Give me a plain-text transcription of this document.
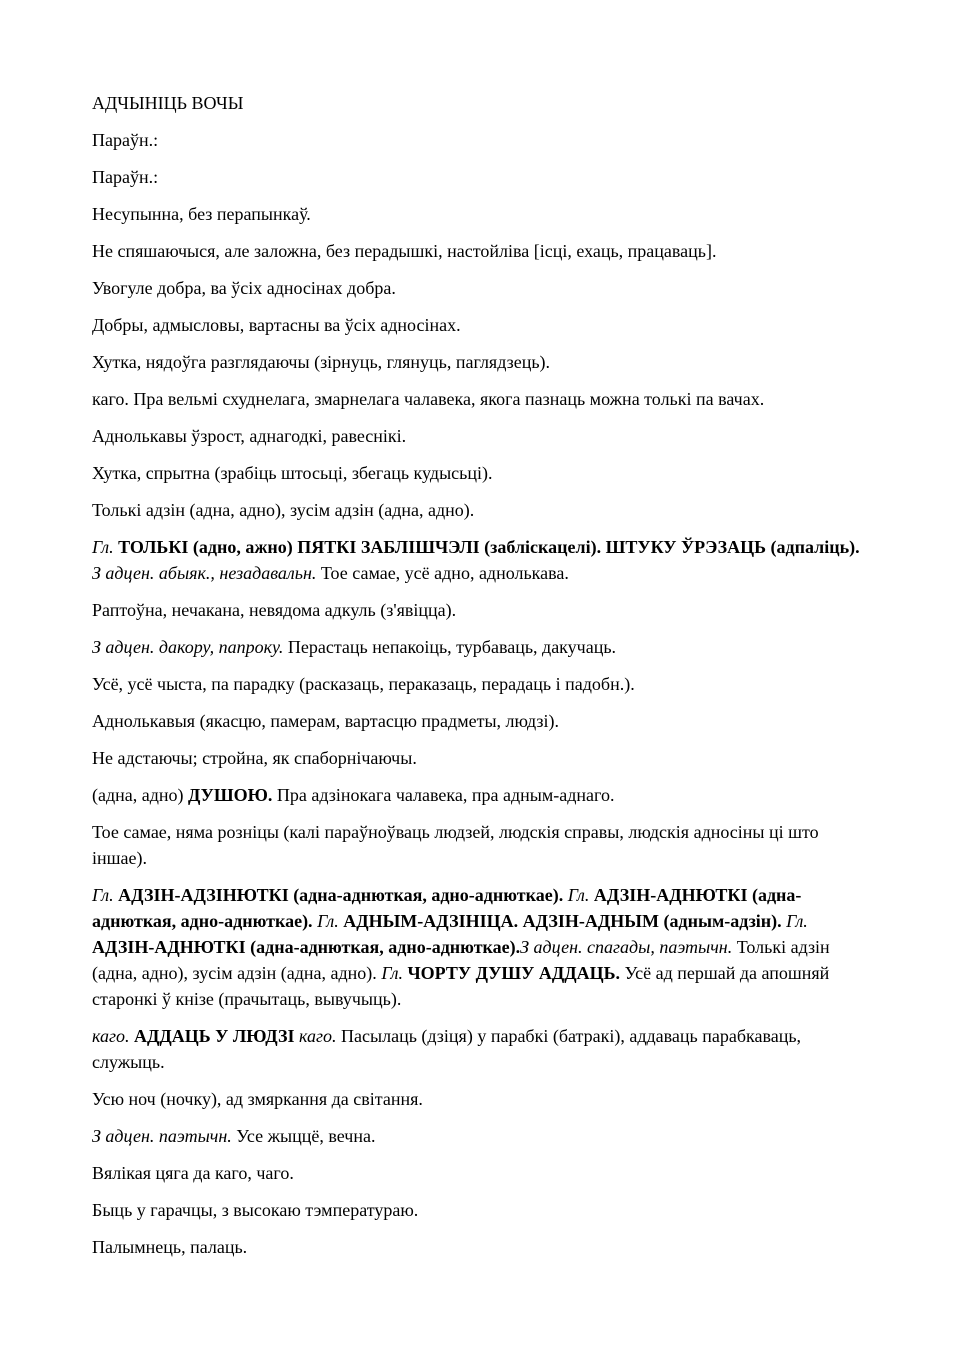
АДЧЫНІЦЬ ВОЧЫ

Параўн.:

Параўн.:

Несупынна, без перапынкаў.

Не спяшаючыся, але заложна, без перадышкі, настойліва [ісці, ехаць, працаваць].

Увогуле добра, ва ўсіх адносінах добра.

Добры, адмысловы, вартасны ва ўсіх адносінах.

Хутка, нядоўга разглядаючы (зірнуць, глянуць, паглядзець).

каго. Пра вельмі схуднелага, змарнелага чалавека, якога пазнаць можна толькі па вачах.

Аднолькавы ўзрост, аднагодкі, равеснікі.

Хутка, спрытна (зрабіць штосьці, збегаць кудысьці).

Толькі адзін (адна, адно), зусім адзін (адна, адно).

Гл. ТОЛЬКІ (адно, ажно) ПЯТКІ ЗАБЛІШЧЭЛІ (заблiскацелi). ШТУКУ ЎРЭЗАЦЬ (адпаліць). З адцен. абыяк., незадавальн. Тое самае, усё адно, аднолькава.

Раптоўна, нечакана, невядома адкуль (з'явіцца).

З адцен. дакору, папроку. Перастаць непакоіць, турбаваць, дакучаць.

Усё, усё чыста, па парадку (расказаць, пераказаць, перадаць і падобн.).

Аднолькавыя (якасцю, памерам, вартасцю прадметы, людзі).

Не адстаючы; стройна, як спаборнічаючы.

(адна, адно) ДУШОЮ. Пра адзінокага чалавека, пра адным-аднаго.

Тое самае, няма розніцы (калі параўноўваць людзей, людскія справы, людскія адносіны ці што іншае).

Гл. АДЗІН-АДЗІНЮТКІ (адна-аднюткая, адно-аднюткае). Гл. АДЗІН-АДНЮТКІ (адна-аднюткая, адно-аднюткае). Гл. АДНЫМ-АДЗІНІЦА. АДЗІН-АДНЫМ (адным-адзін). Гл. АДЗІН-АДНЮТКІ (адна-аднюткая, адно-аднюткае).З адцен. спагады, паэтычн. Толькі адзін (адна, адно), зусім адзін (адна, адно). Гл. ЧОРТУ ДУШУ АДДАЦЬ. Усё ад першай да апошняй старонкі ў кнізе (прачытаць, вывучыць).

каго. АДДАЦЬ У ЛЮДЗІ каго. Пасылаць (дзіця) у парабкі (батракі), аддаваць парабкаваць, служыць.

Усю ноч (ночку), ад змяркання да світання.

З адцен. паэтычн. Усе жыццё, вечна.

Вялікая цяга да каго, чаго.

Быць у гарачцы, з высокаю тэмператураю.

Палымнець, палаць.
